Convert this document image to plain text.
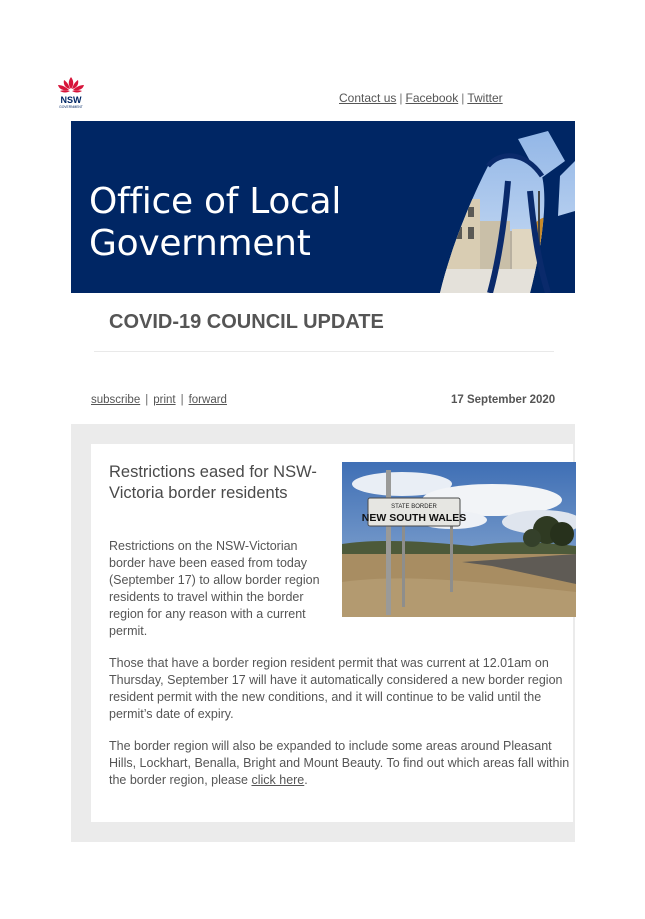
NSW
GOVERNMENT
Contact us | Facebook | Twitter
Office of Local
Government
COVID-19 COUNCIL UPDATE
subscribe | print | forward	17 September 2020
Restrictions eased for NSW-Victoria border residents
STATE BORDER
NEW SOUTH WALES

Restrictions on the NSW-Victorian border have been eased from today (September 17) to allow border region residents to travel within the border region for any reason with a current permit.

Those that have a border region resident permit that was current at 12.01am on Thursday, September 17 will have it automatically considered a new border region resident permit with the new conditions, and it will continue to be valid until the permit’s date of expiry.

The border region will also be expanded to include some areas around Pleasant Hills, Lockhart, Benalla, Bright and Mount Beauty. To find out which areas fall within the border region, please click here.
